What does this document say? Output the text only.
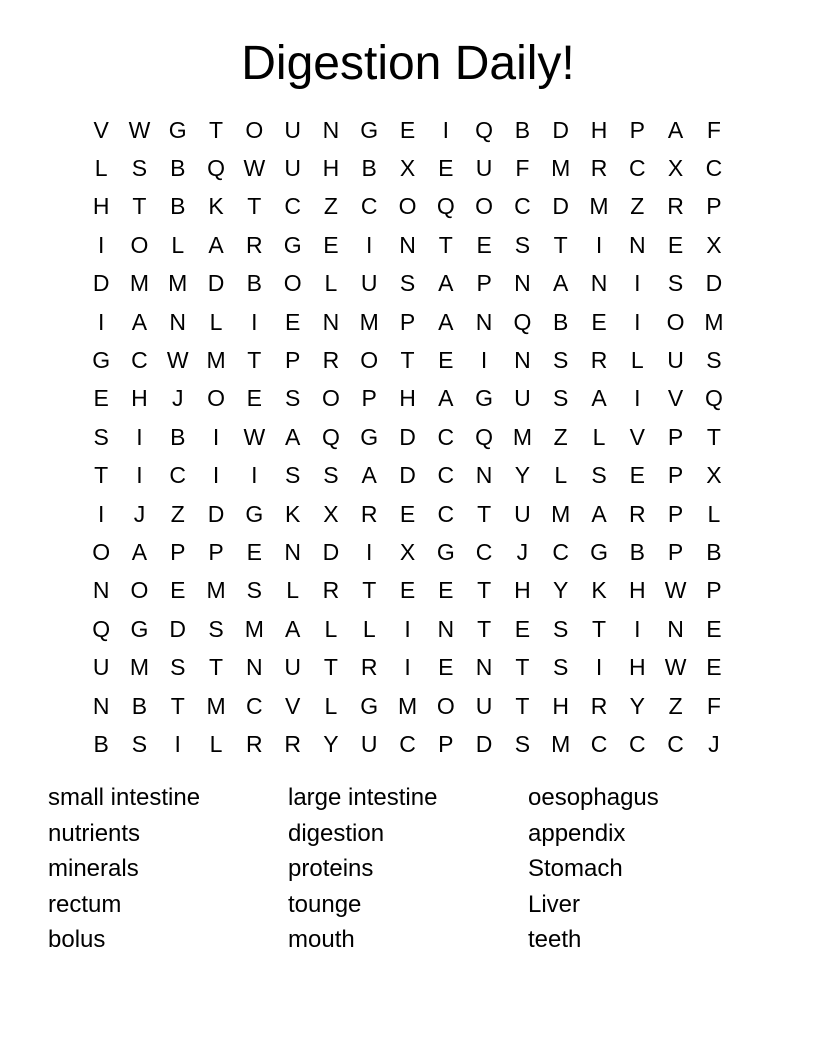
Digestion Daily!
V W G T O U N G E	I	Q B D H P A	F
L	S B Q W U H B X E U F M R C X C
H T	B K	T C Z C O Q O C D M Z R P
I	O L	A R G E	I	N T	E S	T	I	N E X
D M M D B O L	U S A P N A N	I	S D
I	A N	L	I	E N M P A N Q B E	I	O M
G C W M T	P R O T	E	I	N S R	L	U S
E H	J	O E S O P H A G U S A	I	V Q
S	I	B	I	W A Q G D C Q M Z	L	V P	T
T	I	C	I	I	S S A D C N Y	L	S E P X
I	J	Z D G K X R E C T U M A R P	L
O A P P E N D	I	X G C	J	C G B P B
N O E M S	L	R T	E E	T H Y K H W P
Q G D S M A	L	L	I	N T	E S	T	I	N E
U M S	T N U T R	I	E N T	S	I	H W E
N B	T M C V	L G M O U T H R Y	Z	F
B S	I	L	R R Y U C P D S M C C C	J
small intestine
nutrients
minerals
rectum
bolus
large intestine
digestion
proteins
tounge
mouth
oesophagus
appendix
Stomach
Liver
teeth
